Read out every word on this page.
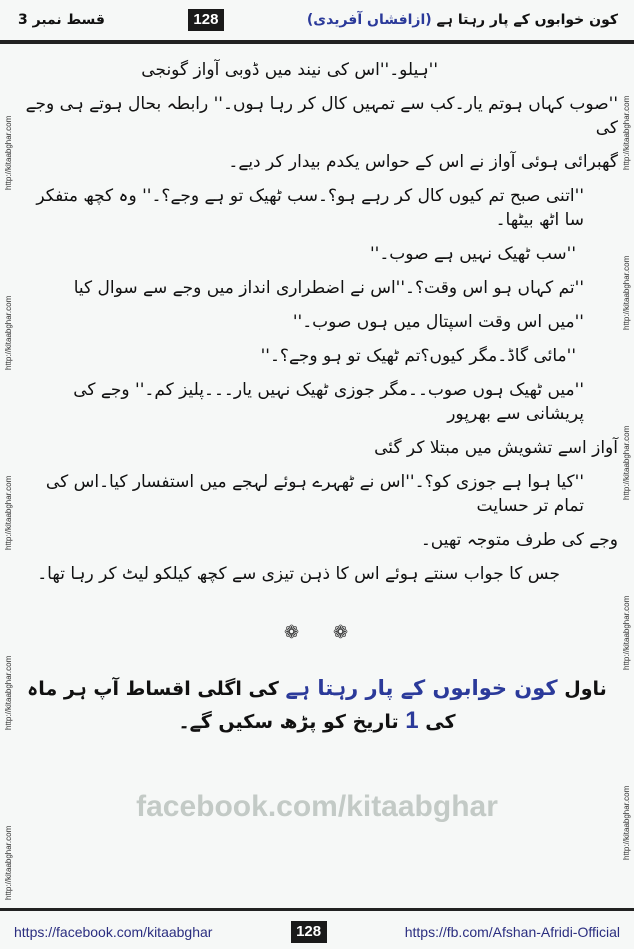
http://kitaabghar.com
http://kitaabghar.com
http://kitaabghar.com
http://kitaabghar.com
http://kitaabghar.com
http://kitaabghar.com
http://kitaabghar.com
http://kitaabghar.com
http://kitaabghar.com
http://kitaabghar.com
کون خوابوں کے پار رہتا ہے (ازافشاں آفریدی)
128
قسط نمبر 3
''ہیلو۔''اس کی نیند میں ڈوبی آواز گونجی
''صوب کہاں ہوتم یار۔کب سے تمہیں کال کر رہا ہوں۔'' رابطہ بحال ہوتے ہی وجے کی
گھبرائی ہوئی آواز نے اس کے حواس یکدم بیدار کر دیے۔
''اتنی صبح تم کیوں کال کر رہے ہو؟۔سب ٹھیک تو ہے وجے؟۔'' وہ کچھ متفکر سا اٹھ بیٹھا۔
''سب ٹھیک نہیں ہے صوب۔''
''تم کہاں ہو اس وقت؟۔''اس نے اضطراری انداز میں وجے سے سوال کیا
''میں اس وقت اسپتال میں ہوں صوب۔''
''مائی گاڈ۔مگر کیوں؟تم ٹھیک تو ہو وجے؟۔''
''میں ٹھیک ہوں صوب۔۔مگر جوزی ٹھیک نہیں یار۔۔۔پلیز کم۔'' وجے کی پریشانی سے بھرپور
آواز اسے تشویش میں مبتلا کر گئی
''کیا ہوا ہے جوزی کو؟۔''اس نے ٹھہرے ہوئے لہجے میں استفسار کیا۔اس کی تمام تر حسایت
وجے کی طرف متوجہ تھیں۔
جس کا جواب سنتے ہوئے اس کا ذہن تیزی سے کچھ کیلکو لیٹ کر رہا تھا۔
❁ ❁
ناول کون خوابوں کے پار رہتا ہے کی اگلی اقساط آپ ہر ماہ کی 1 تاریخ کو پڑھ سکیں گے۔
facebook.com/kitaabghar
https://facebook.com/kitaabghar	128	https://fb.com/Afshan-Afridi-Official
